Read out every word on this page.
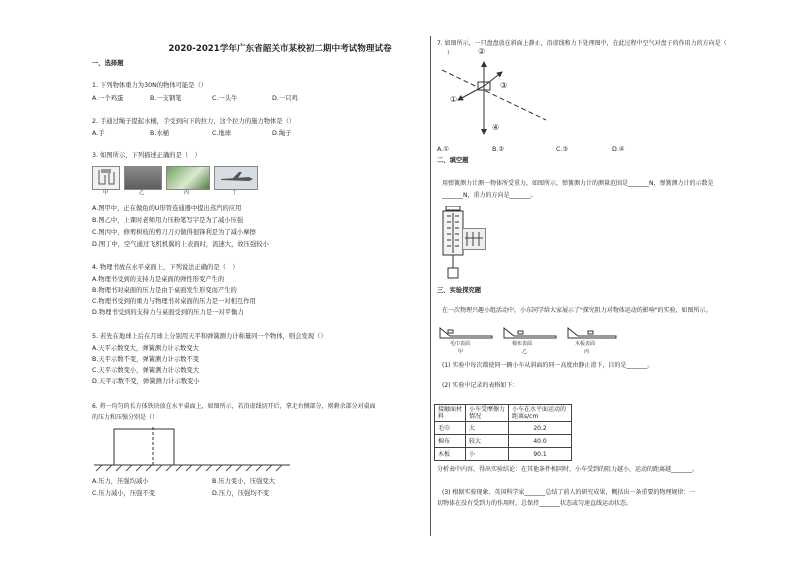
2020-2021学年广东省韶关市某校初二期中考试物理试卷
一、选择题
1. 下列物体重力为30N的物体可能是（）
A.一个鸡蛋	B.一支钢笔	C.一头牛	D.一只鸡
2. 手通过绳子提起水桶，手受到向下的拉力，这个拉力的施力物体是（）
A.手	B.水桶	C.地球	D.绳子
3. 如图所示，下列描述正确的是（　）
甲	乙	丙	丁
A.图甲中，正在做鱼的U形管连通器中提出蒸汽的应用
B.图乙中，上课时老师用力压粉笔写字是为了减小压强
C.图丙中，修剪树枝的剪刀刀刃做得很锋利是为了减小摩擦
D.图丁中，空气通过飞机机翼的上表面时，流速大，故压强较小
4. 物理书放在水平桌面上，下列说法正确的是（　）
A.物理书受到的支持力是桌面的弹性形变产生的
B.物理书对桌面的压力是由于桌面发生形变而产生的
C.物理书受到的重力与物理书对桌面的压力是一对相互作用
D.物理书受到的支持力与桌面受到的压力是一对平衡力
5. 若先在地球上后在月球上分别用天平和弹簧测力计称量同一个物体，则会发现（）
A.天平示数变大，弹簧测力计示数变大
B.天平示数不变，弹簧测力计示数不变
C.天平示数变小，弹簧测力计示数变大
D.天平示数不变，弹簧测力计示数变小
6. 将一均匀的长方体铁块放在水平桌面上，如图所示，若沿虚线切开后，拿走右侧部分，则剩余部分对桌面
的压力和压强分别是（）
A.压力，压强均减小	B.压力变小，压强变大
C.压力减小，压强不变	D.压力，压强均不变
7. 如图所示，一只盘盘放在斜面上静止，沿虚线和力下处理图中，在此过程中空气对盘子的作用力的方向是（
）
①
②
③
④
A.①	B.②	C.③	D.④
二、填空题
用弹簧测力计测一物体所受重力，如图所示，弹簧测力计的测量范围是_______N，弹簧测力计的示数是
_______N，重力的方向是_______。
三、实验探究题
在一次物理兴趣小组活动中，小东同学给大家展示了"探究阻力对物体运动的影响"的实验，如图所示。
毛巾表面	棉布表面	木板表面
甲	乙	丙
(1) 实验中每次都使同一辆小车从斜面的同一高度由静止滑下，目的是_______。
(2) 实验中记录的表格如下：
接触面材料	小车受摩擦力情况	小车在水平面运动的距离s/cm
毛巾	大	20.2
棉布	较大	40.0
木板	小	90.1
分析表中内容，得出实验结论：在其他条件相同时，小车受到的阻力越小，运动的距离越_______。
(3) 根据实验现象，英国科学家_______总结了前人的研究成果，概括出一条重要的物理规律：一
切物体在没有受到力的作用时，总保持_______状态或匀速直线运动状态。
